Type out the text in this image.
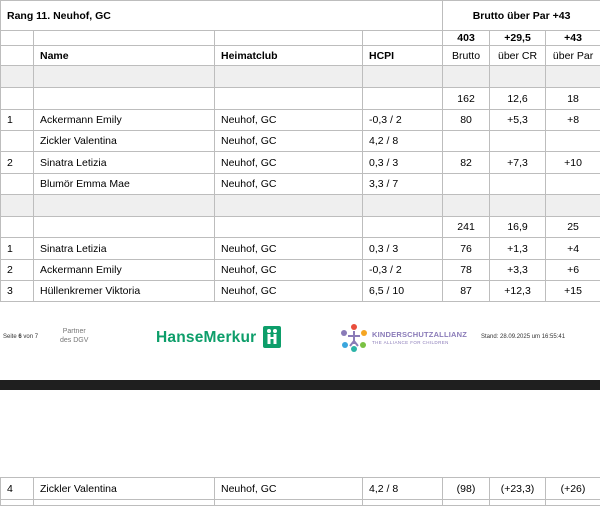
Rang 11. Neuhof, GC				Brutto über Par +43		
				403	+29,5	+43
	Name	Heimatclub	HCPI	Brutto	über CR	über Par

				162	12,6	18
1	Ackermann Emily	Neuhof, GC	-0,3 / 2	80	+5,3	+8
	Zickler Valentina	Neuhof, GC	4,2 / 8			
2	Sinatra Letizia	Neuhof, GC	0,3 / 3	82	+7,3	+10
	Blumör Emma Mae	Neuhof, GC	3,3 / 7			

				241	16,9	25
1	Sinatra Letizia	Neuhof, GC	0,3 / 3	76	+1,3	+4
2	Ackermann Emily	Neuhof, GC	-0,3 / 2	78	+3,3	+6
3	Hüllenkremer Viktoria	Neuhof, GC	6,5 / 10	87	+12,3	+15
Seite 6 von 7
Partner
des DGV	HanseMerkur	KINDERSCHUTZALLIANZ
THE ALLIANCE FOR CHILDREN
Stand: 28.09.2025 um 16:55:41
4	Zickler Valentina	Neuhof, GC	4,2 / 8	(98)	(+23,3)	(+26)
